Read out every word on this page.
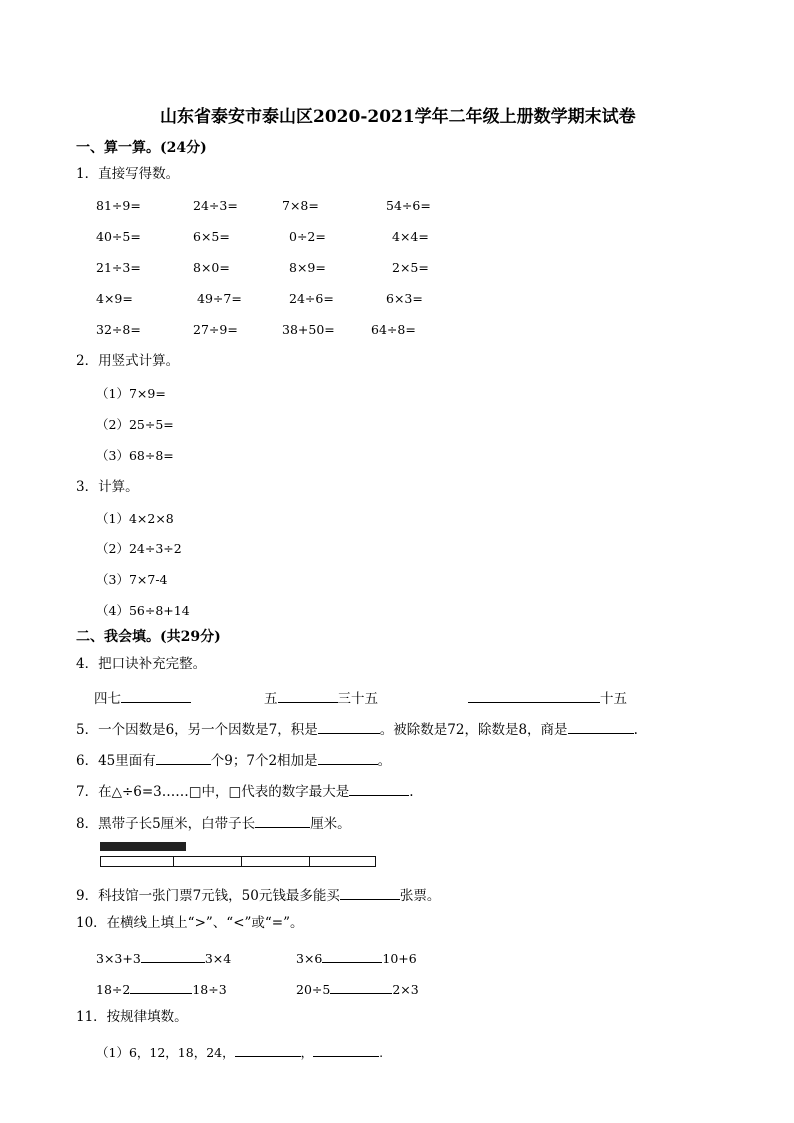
山东省泰安市泰山区2020-2021学年二年级上册数学期末试卷
一、算一算。(24分)
1．直接写得数。
81÷9=	24÷3=	7×8=	54÷6=
40÷5=	6×5=	0÷2=	4×4=
21÷3=	8×0=	8×9=	2×5=
4×9=	49÷7=	24÷6=	6×3=
32÷8=	27÷9=	38+50=	64÷8=
2．用竖式计算。
（1）7×9=
（2）25÷5=
（3）68÷8=
3．计算。
（1）4×2×8
（2）24÷3÷2
（3）7×7-4
（4）56÷8+14
二、我会填。(共29分)
4．把口诀补充完整。
四七	五	三十五	十五
5．一个因数是6，另一个因数是7，积是	。被除数是72，除数是8，商是	.
6．45里面有	个9；7个2相加是	。
7．在△÷6=3……□中，□代表的数字最大是	.
8．黑带子长5厘米，白带子长	厘米。
9．科技馆一张门票7元钱，50元钱最多能买	张票。
10．在横线上填上“>”、“<”或“=”。
3×3+3	3×4	3×6	10+6
18÷2	18÷3	20÷5	2×3
11．按规律填数。
（1）6，12，18，24，	，	.
